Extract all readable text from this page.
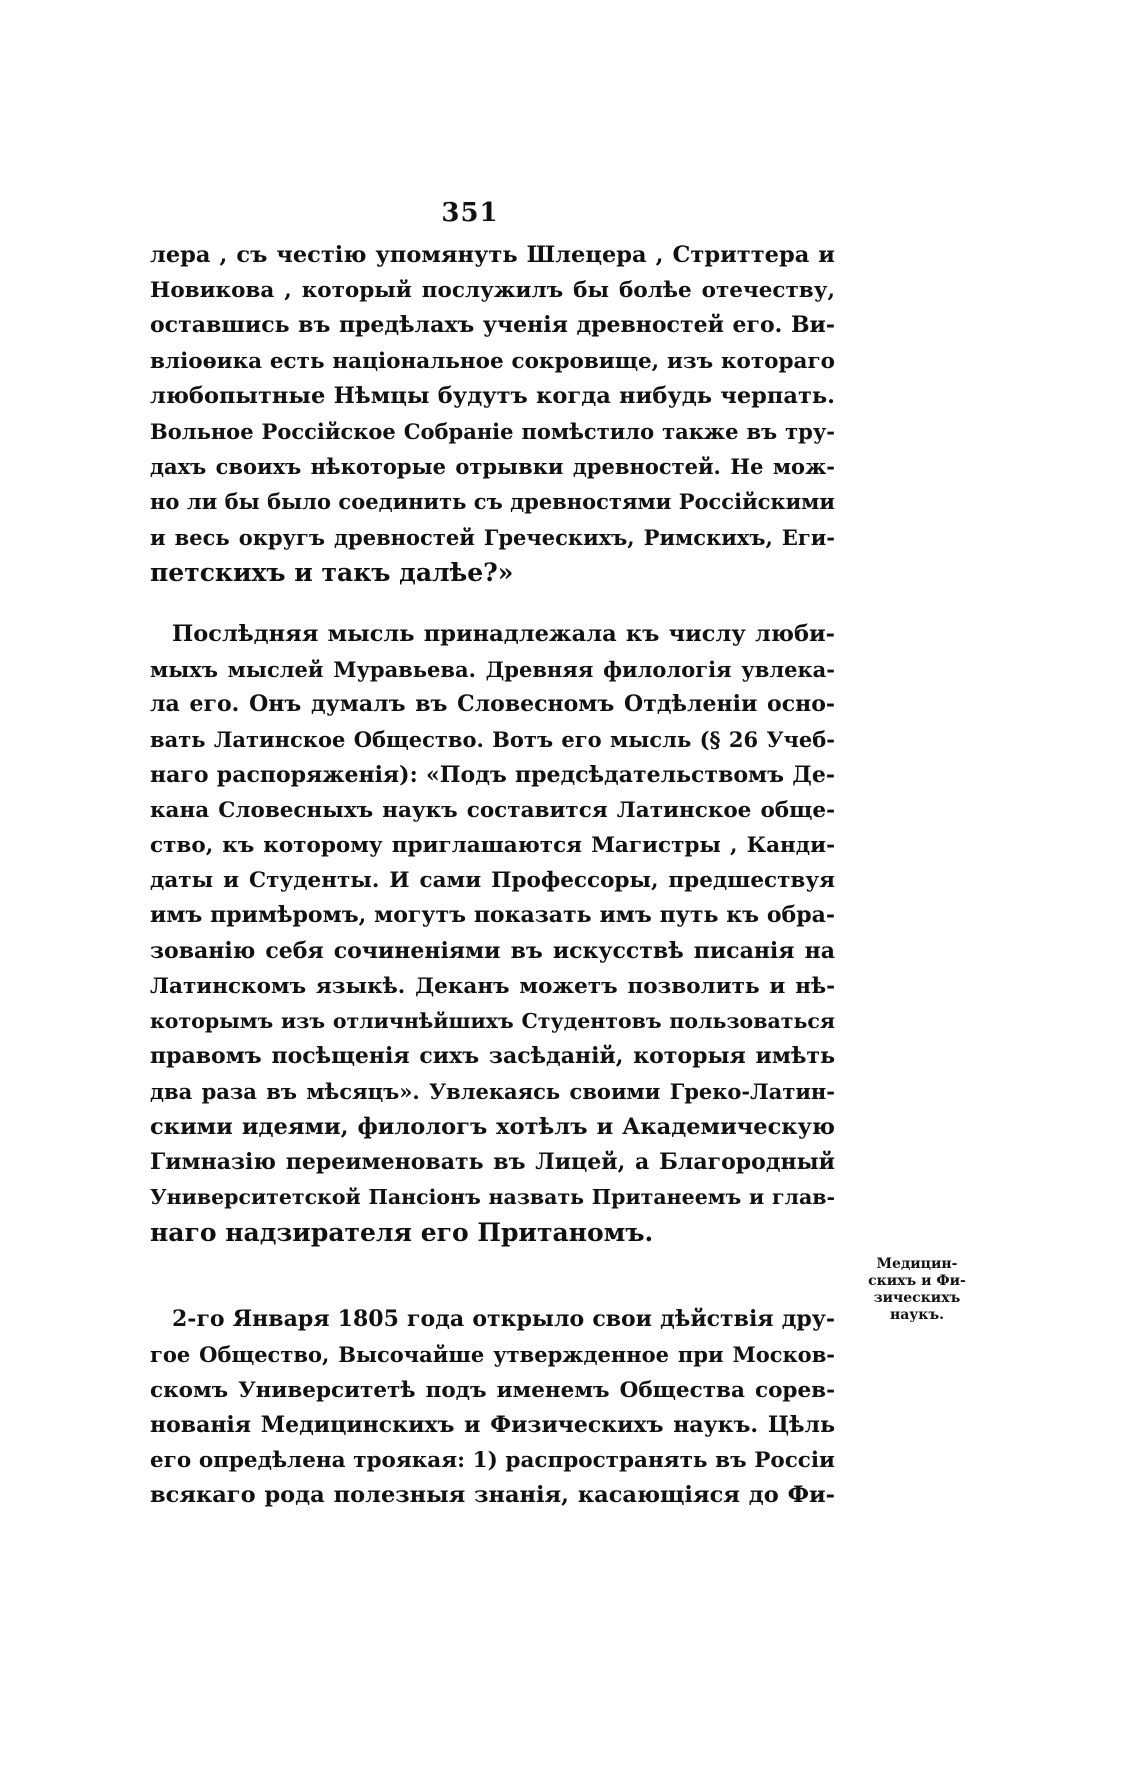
351
лера , съ честію упомянуть Шлецера , Стриттера и
Новикова , который послужилъ бы болѣе отечеству,
оставшись въ предѣлахъ ученія древностей его. Ви-
вліоѳика есть національное сокровище, изъ котораго
любопытные Нѣмцы будутъ когда нибудь черпать.
Вольное Россійское Собраніе помѣстило также въ тру-
дахъ своихъ нѣкоторые отрывки древностей. Не мож-
но ли бы было соединить съ древностями Россійскими
и весь округъ древностей Греческихъ, Римскихъ, Еги-
петскихъ и такъ далѣе?»
Послѣдняя мысль принадлежала къ числу люби-
мыхъ мыслей Муравьева. Древняя филологія увлека-
ла его. Онъ думалъ въ Словесномъ Отдѣленіи осно-
вать Латинское Общество. Вотъ его мысль (§ 26 Учеб-
наго распоряженія): «Подъ предсѣдательствомъ Де-
кана Словесныхъ наукъ составится Латинское обще-
ство, къ которому приглашаются Магистры , Канди-
даты и Студенты. И сами Профессоры, предшествуя
имъ примѣромъ, могутъ показать имъ путь къ обра-
зованію себя сочиненіями въ искусствѣ писанія на
Латинскомъ языкѣ. Деканъ можетъ позволить и нѣ-
которымъ изъ отличнѣйшихъ Студентовъ пользоваться
правомъ посѣщенія сихъ засѣданій, которыя имѣть
два раза въ мѣсяцъ». Увлекаясь своими Греко-Латин-
скими идеями, филологъ хотѣлъ и Академическую
Гимназію переименовать въ Лицей, а Благородный
Университетской Пансіонъ назвать Пританеемъ и глав-
наго надзирателя его Пританомъ.
2-го Января 1805 года открыло свои дѣйствія дру-
гое Общество, Высочайше утвержденное при Москов-
скомъ Университетѣ подъ именемъ Общества сорев-
нованія Медицинскихъ и Физическихъ наукъ. Цѣль
его опредѣлена троякая: 1) распространять въ Россіи
всякаго рода полезныя знанія, касающіяся до Фи-
Медицин-
скихъ и Фи-
зическихъ
наукъ.
